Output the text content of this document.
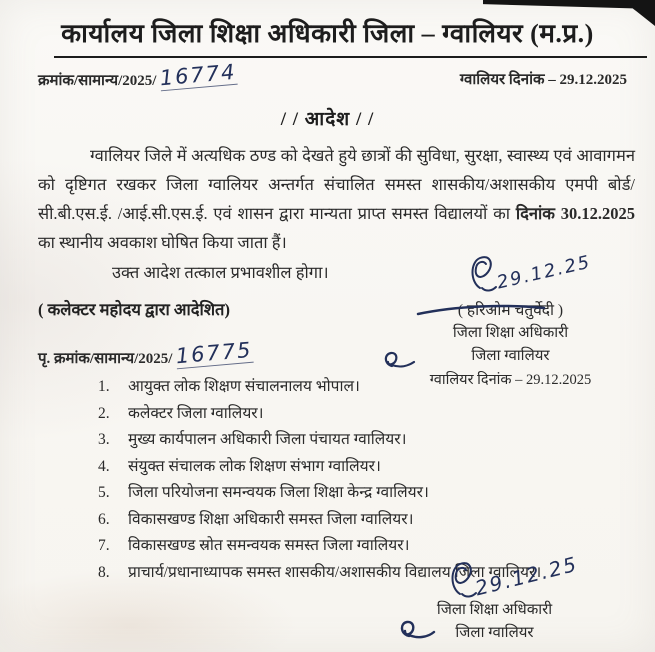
कार्यालय जिला शिक्षा अधिकारी जिला – ग्वालियर (म.प्र.)
क्रमांक/सामान्य/2025/ 16774	ग्वालियर दिनांक – 29.12.2025
/ / आदेश / /

ग्वालियर जिले में अत्यधिक ठण्ड को देखते हुये छात्रों की सुविधा, सुरक्षा, स्वास्थ्य एवं आवागमन को दृष्टिगत रखकर जिला ग्वालियर अन्तर्गत संचालित समस्त शासकीय/अशासकीय एमपी बोर्ड/ सी.बी.एस.ई. /आई.सी.एस.ई. एवं शासन द्वारा मान्यता प्राप्त समस्त विद्यालयों का दिनांक 30.12.2025 का स्थानीय अवकाश घोषित किया जाता हैं।

उक्त आदेश तत्काल प्रभावशील होगा।
( कलेक्टर महोदय द्वारा आदेशित)
29.12.25
( हरिओम चतुर्वेदी )
जिला शिक्षा अधिकारी
जिला ग्वालियर
ग्वालियर दिनांक – 29.12.2025
पृ. क्रमांक/सामान्य/2025/ 16775
1.	आयुक्त लोक शिक्षण संचालनालय भोपाल।
2.	कलेक्टर जिला ग्वालियर।
3.	मुख्य कार्यपालन अधिकारी जिला पंचायत ग्वालियर।
4.	संयुक्त संचालक लोक शिक्षण संभाग ग्वालियर।
5.	जिला परियोजना समन्वयक जिला शिक्षा केन्द्र ग्वालियर।
6.	विकासखण्ड शिक्षा अधिकारी समस्त जिला ग्वालियर।
7.	विकासखण्ड स्रोत समन्वयक समस्त जिला ग्वालियर।
8.	प्राचार्य/प्रधानाध्यापक समस्त शासकीय/अशासकीय विद्यालय जिला ग्वालियर।
29.12.25
जिला शिक्षा अधिकारी
जिला ग्वालियर
